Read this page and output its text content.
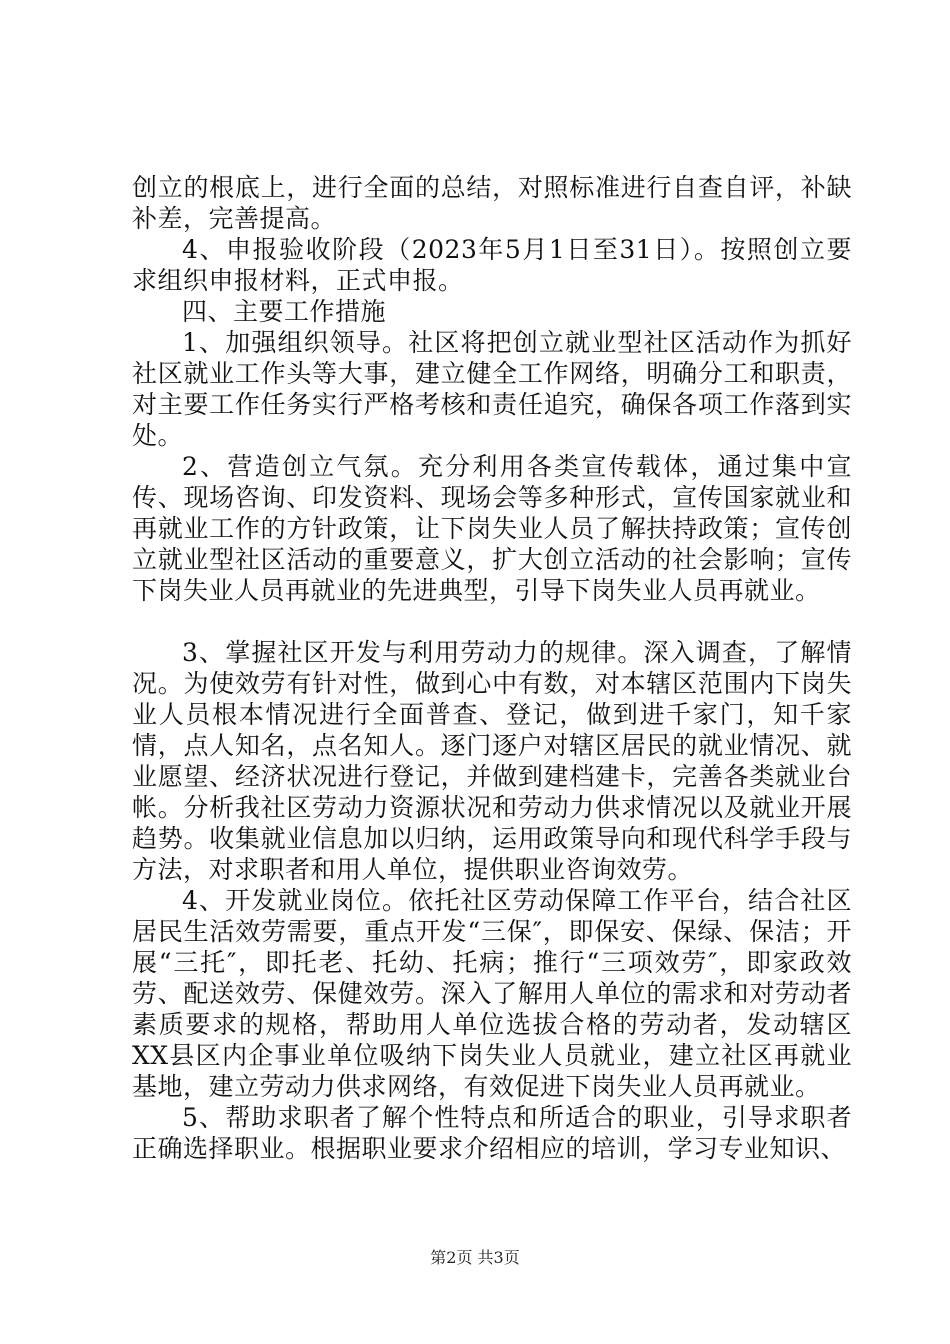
创立的根底上，进行全面的总结，对照标准进行自查自评，补缺补差，完善提高。

4、申报验收阶段（2023年5月1日至31日）。按照创立要求组织申报材料，正式申报。

四、主要工作措施

1、加强组织领导。社区将把创立就业型社区活动作为抓好社区就业工作头等大事，建立健全工作网络，明确分工和职责，对主要工作任务实行严格考核和责任追究，确保各项工作落到实处。

2、营造创立气氛。充分利用各类宣传载体，通过集中宣传、现场咨询、印发资料、现场会等多种形式，宣传国家就业和再就业工作的方针政策，让下岗失业人员了解扶持政策；宣传创立就业型社区活动的重要意义，扩大创立活动的社会影响；宣传下岗失业人员再就业的先进典型，引导下岗失业人员再就业。

3、掌握社区开发与利用劳动力的规律。深入调查，了解情况。为使效劳有针对性，做到心中有数，对本辖区范围内下岗失业人员根本情况进行全面普查、登记，做到进千家门，知千家情，点人知名，点名知人。逐门逐户对辖区居民的就业情况、就业愿望、经济状况进行登记，并做到建档建卡，完善各类就业台帐。分析我社区劳动力资源状况和劳动力供求情况以及就业开展趋势。收集就业信息加以归纳，运用政策导向和现代科学手段与方法，对求职者和用人单位，提供职业咨询效劳。

4、开发就业岗位。依托社区劳动保障工作平台，结合社区居民生活效劳需要，重点开发“三保″，即保安、保绿、保洁；开展“三托″，即托老、托幼、托病；推行“三项效劳″，即家政效劳、配送效劳、保健效劳。深入了解用人单位的需求和对劳动者素质要求的规格，帮助用人单位选拔合格的劳动者，发动辖区XX县区内企事业单位吸纳下岗失业人员就业，建立社区再就业基地，建立劳动力供求网络，有效促进下岗失业人员再就业。

5、帮助求职者了解个性特点和所适合的职业，引导求职者正确选择职业。根据职业要求介绍相应的培训，学习专业知识、

第2页 共3页
